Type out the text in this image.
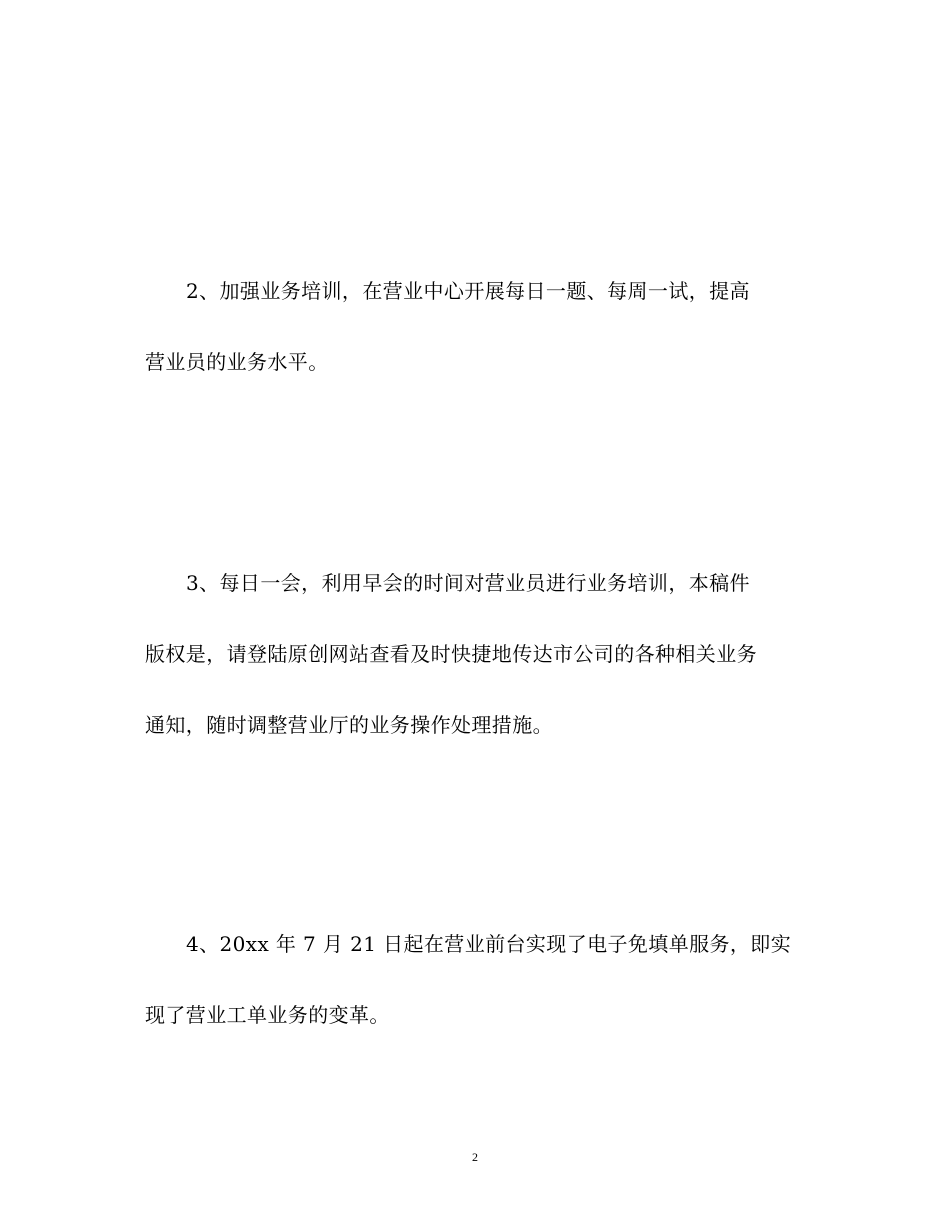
2、加强业务培训，在营业中心开展每日一题、每周一试，提高
营业员的业务水平。
3、每日一会，利用早会的时间对营业员进行业务培训，本稿件
版权是，请登陆原创网站查看及时快捷地传达市公司的各种相关业务
通知，随时调整营业厅的业务操作处理措施。
4、20xx 年 7 月 21 日起在营业前台实现了电子免填单服务，即实
现了营业工单业务的变革。
2
